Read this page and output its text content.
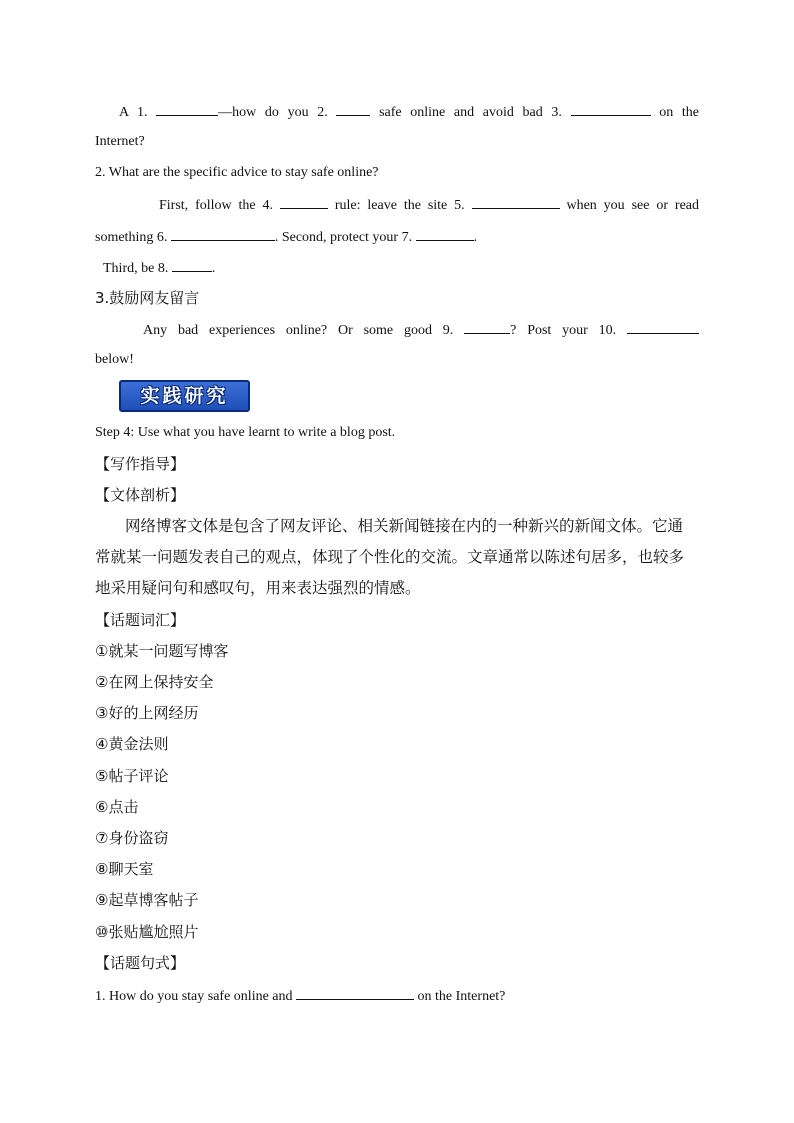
A 1.	—how do you 2.  safe online and avoid bad 3.	on the
Internet?
2. What are the specific advice to stay safe online?
First, follow the 4.	rule: leave the site 5.	when you see or read
something 6.	. Second, protect your 7.	.
Third, be 8.	.
3.鼓励网友留言
Any bad experiences online? Or some good 9.	? Post your 10.
below!
实践研究
Step 4: Use what you have learnt to write a blog post.
【写作指导】
【文体剖析】
网络博客文体是包含了网友评论、相关新闻链接在内的一种新兴的新闻文体。它通
常就某一问题发表自己的观点，体现了个性化的交流。文章通常以陈述句居多，也较多
地采用疑问句和感叹句，用来表达强烈的情感。
【话题词汇】
①就某一问题写博客
②在网上保持安全
③好的上网经历
④黄金法则
⑤帖子评论
⑥点击
⑦身份盗窃
⑧聊天室
⑨起草博客帖子
⑩张贴尴尬照片
【话题句式】
1. How do you stay safe online and	on the Internet?
